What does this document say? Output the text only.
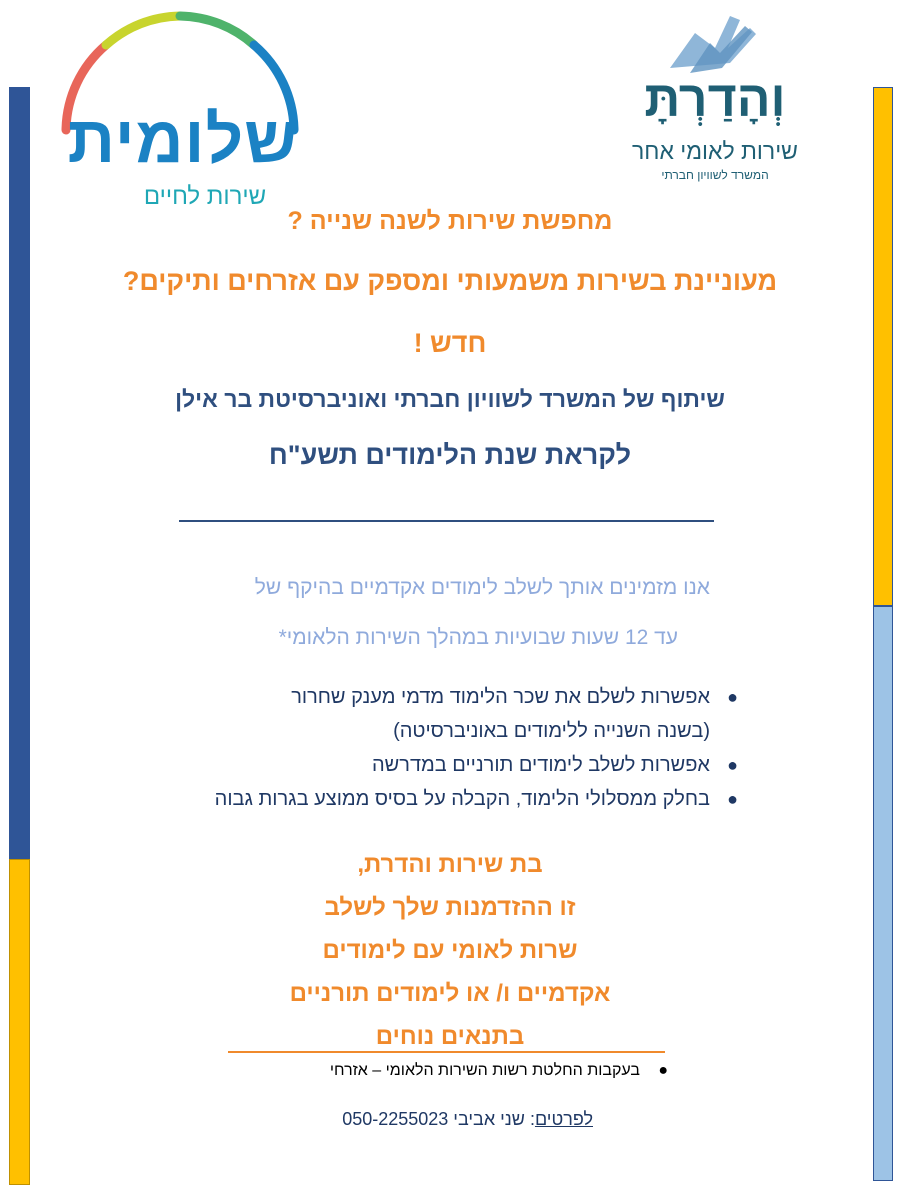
שלומית
שירות לחיים
וְהָדַרְתָּ
שירות לאומי אחר
המשרד לשוויון חברתי
מחפשת שירות לשנה שנייה ?
מעוניינת בשירות משמעותי ומספק עם אזרחים ותיקים?
חדש !
שיתוף של המשרד לשוויון חברתי ואוניברסיטת בר אילן
לקראת שנת הלימודים תשע"ח
אנו מזמינים אותך לשלב לימודים אקדמיים בהיקף של
עד 12 שעות שבועיות במהלך השירות הלאומי*
●
אפשרות לשלם את שכר הלימוד מדמי מענק שחרור
(בשנה השנייה ללימודים באוניברסיטה)
●
אפשרות לשלב לימודים תורניים במדרשה
●
בחלק ממסלולי הלימוד, הקבלה על בסיס ממוצע בגרות גבוה
בת שירות והדרת,
זו ההזדמנות שלך לשלב
שרות לאומי עם לימודים
אקדמיים ו/ או לימודים תורניים
בתנאים נוחים
●
בעקבות החלטת רשות השירות הלאומי – אזרחי
לפרטים: שני אביבי 050-2255023
